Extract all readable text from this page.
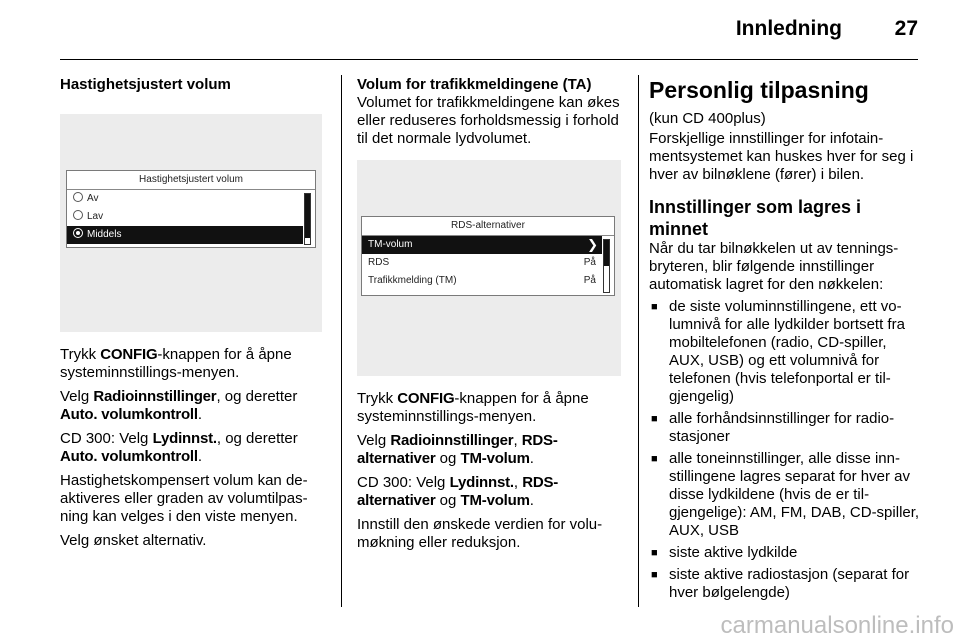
Innledning	27
Hastighetsjustert volum
Hastighetsjustert volum
Av
Lav
Middels

Trykk CONFIG-knappen for å åpne systeminnstillings-menyen.

Velg Radioinnstillinger, og deretter Auto. volumkontroll.

CD 300: Velg Lydinnst., og deretter Auto. volumkontroll.

Hastighetskompensert volum kan de-aktiveres eller graden av volumtilpas-ning kan velges i den viste menyen.

Velg ønsket alternativ.

Volum for trafikkmeldingene (TA)

Volumet for trafikkmeldingene kan økes eller reduseres forholdsmessig i forhold til det normale lydvolumet.

RDS-alternativer
TM-volum	❯
RDS	På
Trafikkmelding (TM)	På

Trykk CONFIG-knappen for å åpne systeminnstillings-menyen.

Velg Radioinnstillinger, RDS-alternativer og TM-volum.

CD 300: Velg Lydinnst., RDS-alternativer og TM-volum.

Innstill den ønskede verdien for volu-møkning eller reduksjon.

Personlig tilpasning

(kun CD 400plus)

Forskjellige innstillinger for infotain-mentsystemet kan huskes hver for seg i hver av bilnøklene (fører) i bilen.

Innstillinger som lagres i minnet

Når du tar bilnøkkelen ut av tennings-bryteren, blir følgende innstillinger automatisk lagret for den nøkkelen:

■ de siste voluminnstillingene, ett vo-lumnivå for alle lydkilder bortsett fra mobiltelefonen (radio, CD-spiller, AUX, USB) og ett volumnivå for telefonen (hvis telefonportal er til-gjengelig)
■ alle forhåndsinnstillinger for radio-stasjoner
■ alle toneinnstillinger, alle disse inn-stillingene lagres separat for hver av disse lydkildene (hvis de er til-gjengelige): AM, FM, DAB, CD-spiller, AUX, USB
■ siste aktive lydkilde
■ siste aktive radiostasjon (separat for hver bølgelengde)
carmanualsonline.info
